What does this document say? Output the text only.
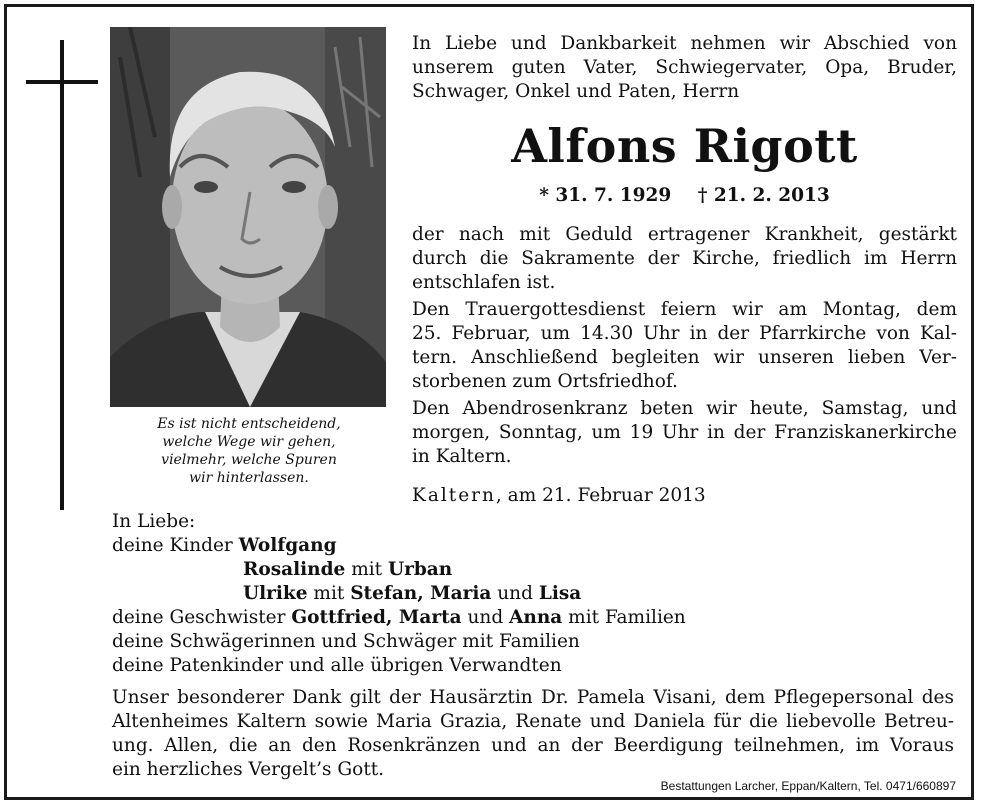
Es ist nicht entscheidend,
welche Wege wir gehen,
vielmehr, welche Spuren
wir hinterlassen.
In Liebe und Dankbarkeit nehmen wir Abschied von
unserem guten Vater, Schwiegervater, Opa, Bruder,
Schwager, Onkel und Paten, Herrn
Alfons Rigott
* 31. 7. 1929 † 21. 2. 2013
der nach mit Geduld ertragener Krankheit, gestärkt
durch die Sakramente der Kirche, friedlich im Herrn
entschlafen ist.
Den Trauergottesdienst feiern wir am Montag, dem
25. Februar, um 14.30 Uhr in der Pfarrkirche von Kal-
tern. Anschließend begleiten wir unseren lieben Ver-
storbenen zum Ortsfriedhof.
Den Abendrosenkranz beten wir heute, Samstag, und
morgen, Sonntag, um 19 Uhr in der Franziskanerkirche
in Kaltern.
Kaltern, am 21. Februar 2013
In Liebe:
deine Kinder Wolfgang
Rosalinde mit Urban
Ulrike mit Stefan, Maria und Lisa
deine Geschwister Gottfried, Marta und Anna mit Familien
deine Schwägerinnen und Schwäger mit Familien
deine Patenkinder und alle übrigen Verwandten
Unser besonderer Dank gilt der Hausärztin Dr. Pamela Visani, dem Pflegepersonal des
Altenheimes Kaltern sowie Maria Grazia, Renate und Daniela für die liebevolle Betreu-
ung. Allen, die an den Rosenkränzen und an der Beerdigung teilnehmen, im Voraus
ein herzliches Vergelt’s Gott.
Bestattungen Larcher, Eppan/Kaltern, Tel. 0471/660897
